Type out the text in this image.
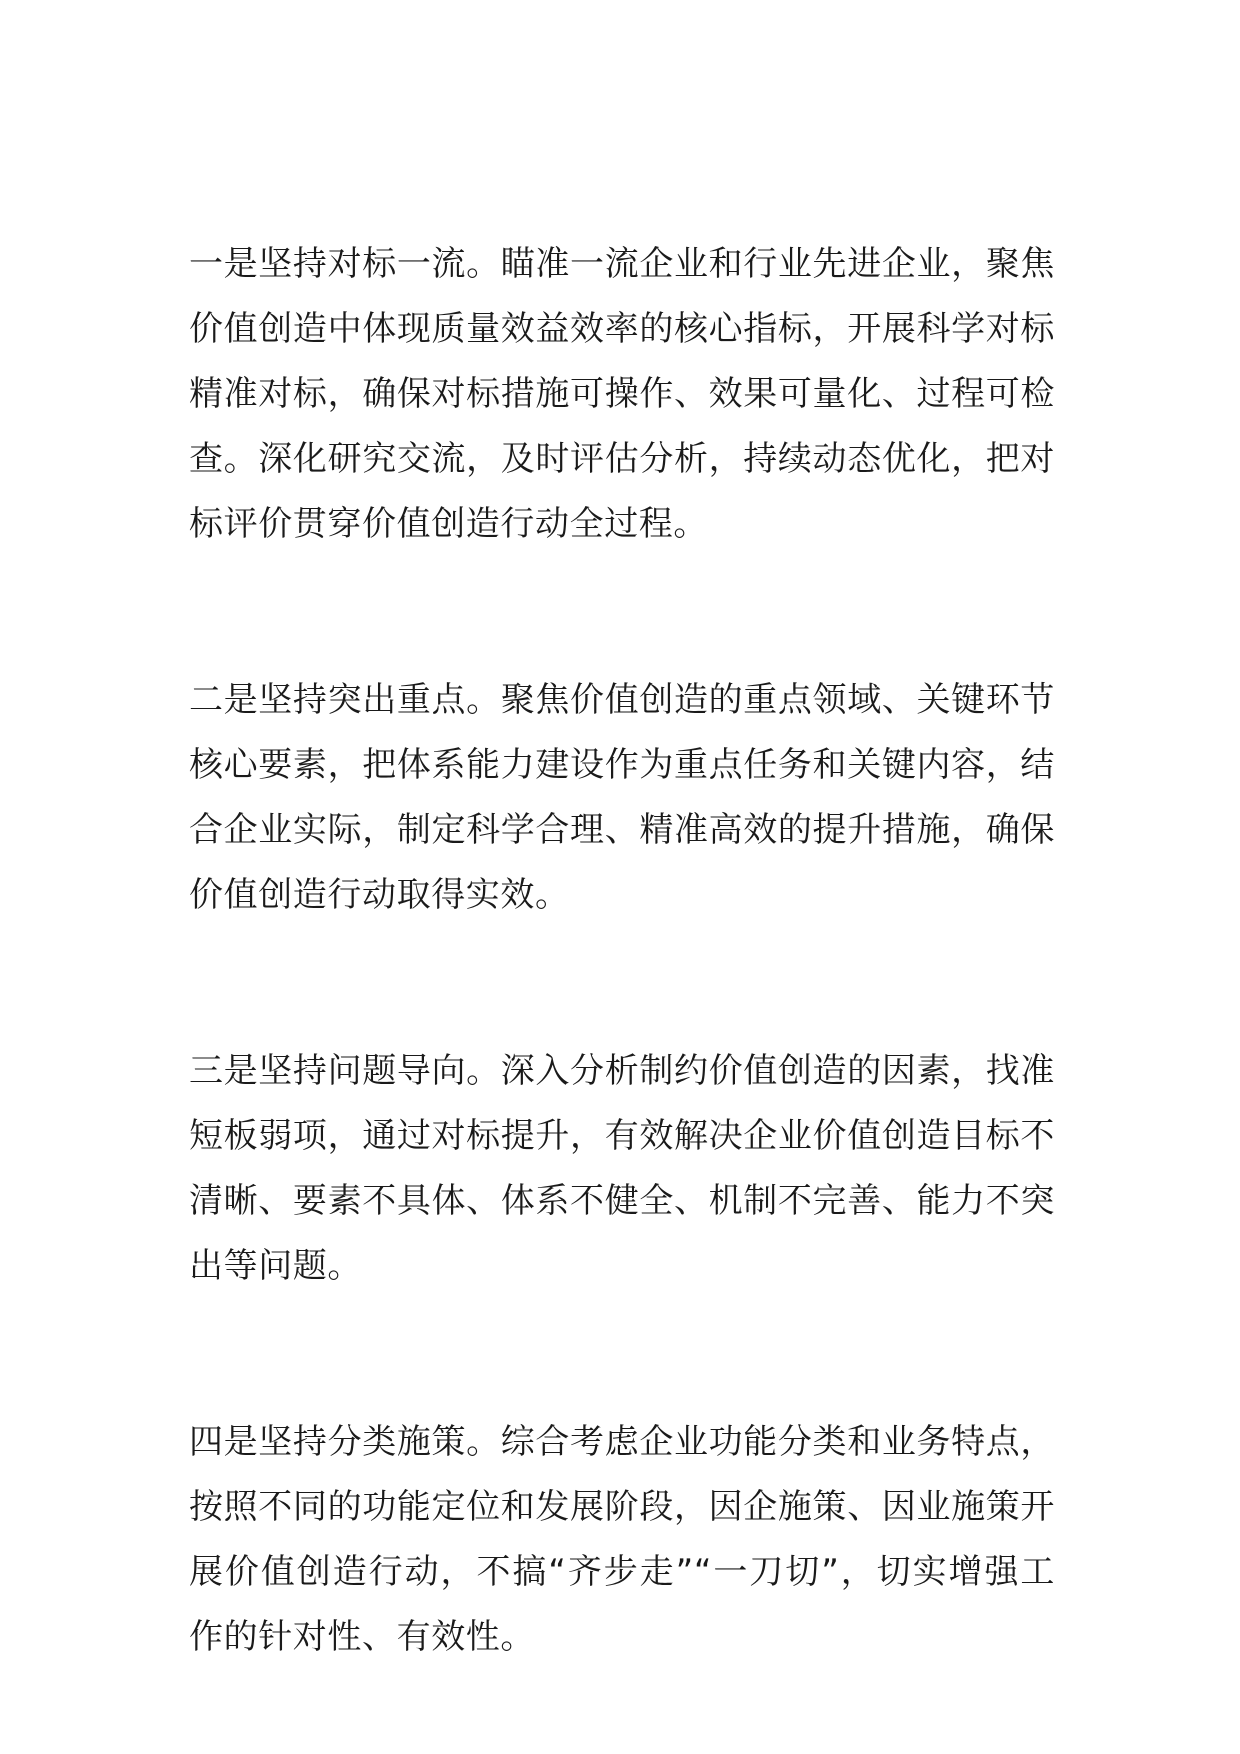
一是坚持对标一流。瞄准一流企业和行业先进企业，聚焦价值创造中体现质量效益效率的核心指标，开展科学对标精准对标，确保对标措施可操作、效果可量化、过程可检查。深化研究交流，及时评估分析，持续动态优化，把对标评价贯穿价值创造行动全过程。

二是坚持突出重点。聚焦价值创造的重点领域、关键环节核心要素，把体系能力建设作为重点任务和关键内容，结合企业实际，制定科学合理、精准高效的提升措施，确保价值创造行动取得实效。

三是坚持问题导向。深入分析制约价值创造的因素，找准短板弱项，通过对标提升，有效解决企业价值创造目标不清晰、要素不具体、体系不健全、机制不完善、能力不突出等问题。

四是坚持分类施策。综合考虑企业功能分类和业务特点，按照不同的功能定位和发展阶段，因企施策、因业施策开展价值创造行动，不搞“齐步走”“一刀切”，切实增强工作的针对性、有效性。
